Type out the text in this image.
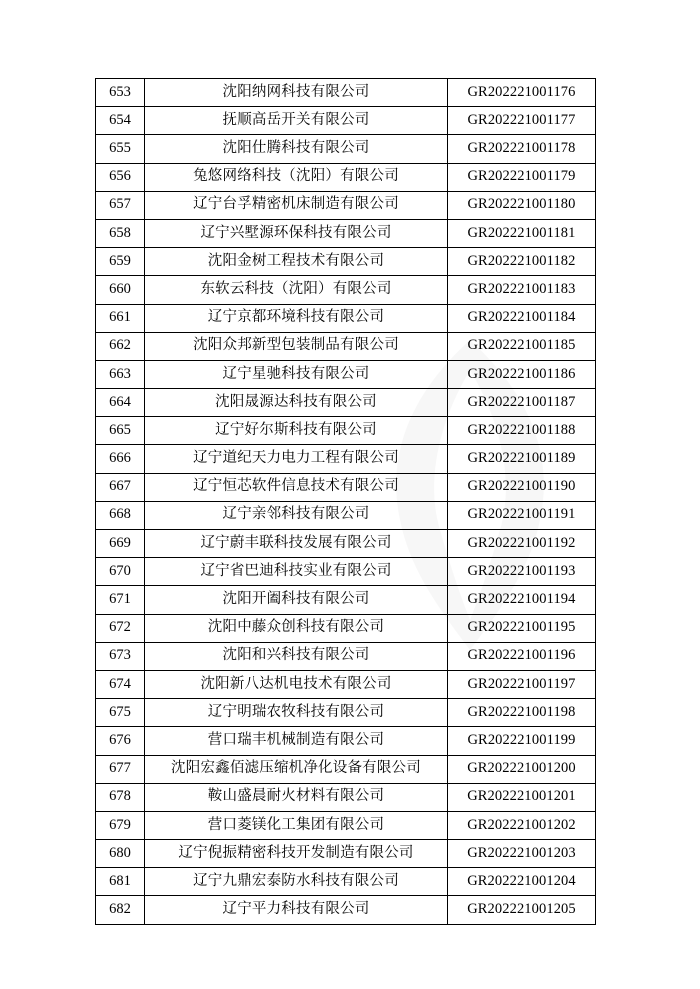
653	沈阳纳网科技有限公司	GR202221001176
654	抚顺高岳开关有限公司	GR202221001177
655	沈阳仕腾科技有限公司	GR202221001178
656	兔悠网络科技（沈阳）有限公司	GR202221001179
657	辽宁台孚精密机床制造有限公司	GR202221001180
658	辽宁兴墅源环保科技有限公司	GR202221001181
659	沈阳金树工程技术有限公司	GR202221001182
660	东软云科技（沈阳）有限公司	GR202221001183
661	辽宁京都环境科技有限公司	GR202221001184
662	沈阳众邦新型包装制品有限公司	GR202221001185
663	辽宁星驰科技有限公司	GR202221001186
664	沈阳晟源达科技有限公司	GR202221001187
665	辽宁好尔斯科技有限公司	GR202221001188
666	辽宁道纪天力电力工程有限公司	GR202221001189
667	辽宁恒芯软件信息技术有限公司	GR202221001190
668	辽宁亲邻科技有限公司	GR202221001191
669	辽宁蔚丰联科技发展有限公司	GR202221001192
670	辽宁省巴迪科技实业有限公司	GR202221001193
671	沈阳开阖科技有限公司	GR202221001194
672	沈阳中藤众创科技有限公司	GR202221001195
673	沈阳和兴科技有限公司	GR202221001196
674	沈阳新八达机电技术有限公司	GR202221001197
675	辽宁明瑞农牧科技有限公司	GR202221001198
676	营口瑞丰机械制造有限公司	GR202221001199
677	沈阳宏鑫佰滤压缩机净化设备有限公司	GR202221001200
678	鞍山盛晨耐火材料有限公司	GR202221001201
679	营口菱镁化工集团有限公司	GR202221001202
680	辽宁倪振精密科技开发制造有限公司	GR202221001203
681	辽宁九鼎宏泰防水科技有限公司	GR202221001204
682	辽宁平力科技有限公司	GR202221001205
